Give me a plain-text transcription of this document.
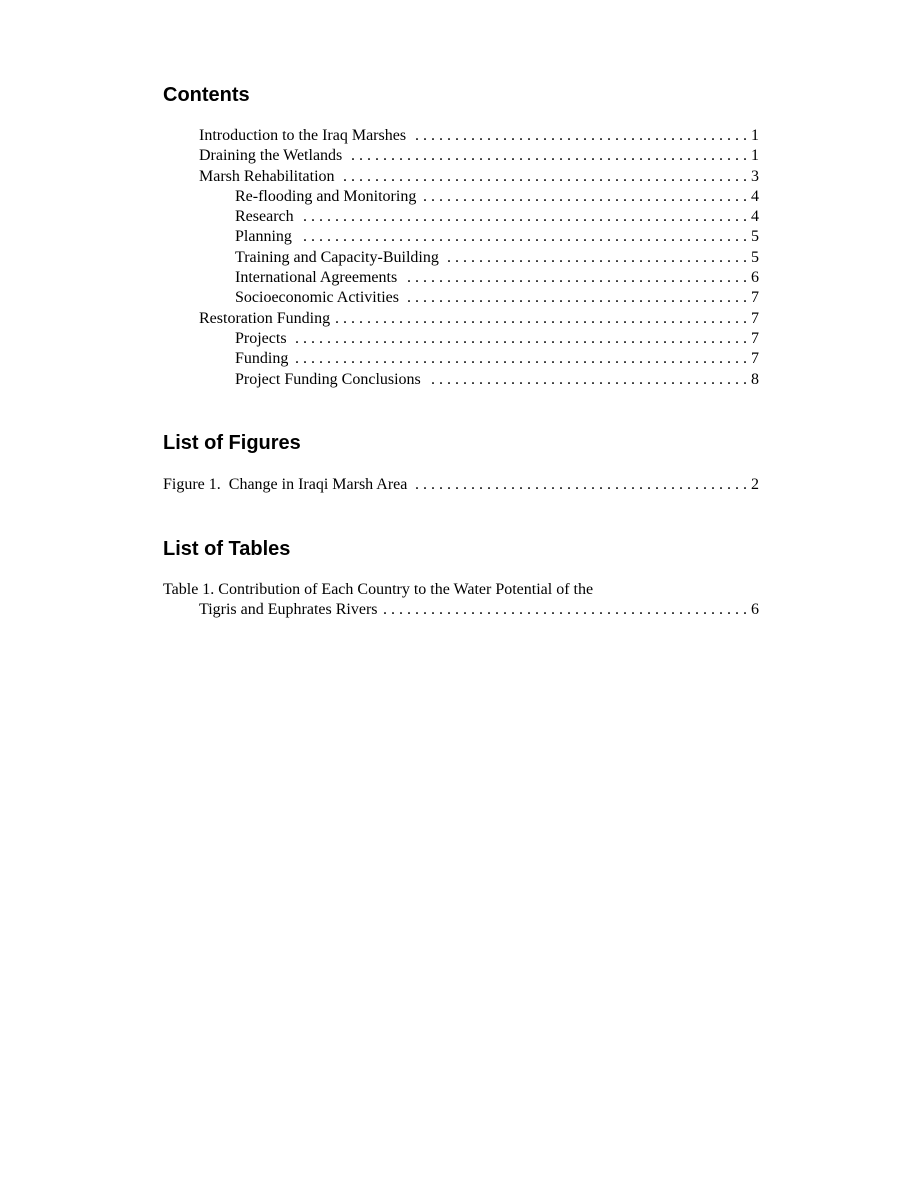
Contents
Introduction to the Iraq Marshes . . .	1
Draining the Wetlands . . .	1
Marsh Rehabilitation . . .	3
Re-flooding and Monitoring . . .	4
Research . . .	4
Planning . . .	5
Training and Capacity-Building . . .	5
International Agreements . . .	6
Socioeconomic Activities . . .	7
Restoration Funding . . .	7
Projects . . .	7
Funding . . .	7
Project Funding Conclusions . . .	8
List of Figures
Figure 1.  Change in Iraqi Marsh Area . . .	2
List of Tables
Table 1. Contribution of Each Country to the Water Potential of the
Tigris and Euphrates Rivers . . .	6
